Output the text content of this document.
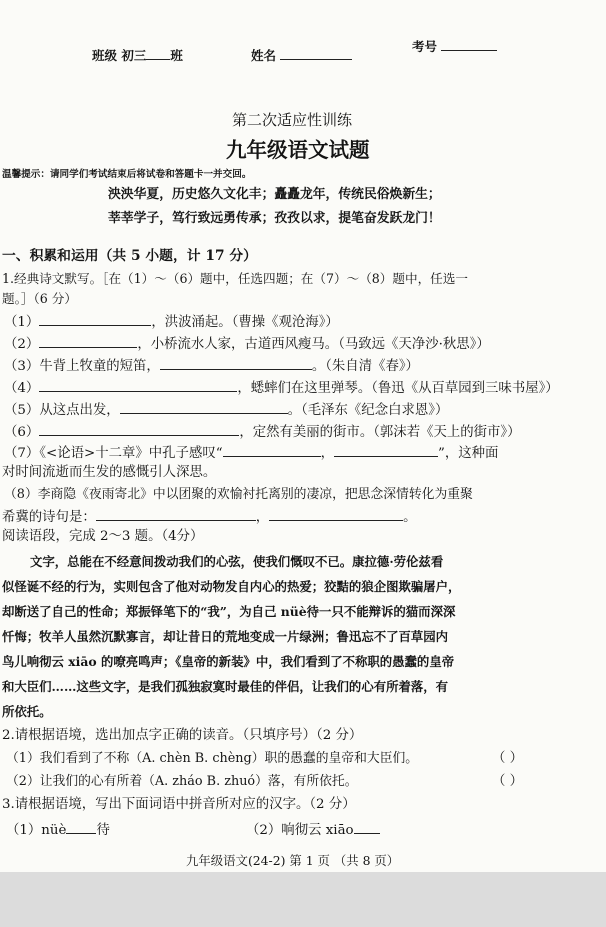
班级 初三 班	姓名
考号
第二次适应性训练
九年级语文试题
温馨提示：请同学们考试结束后将试卷和答题卡一并交回。
泱泱华夏，历史悠久文化丰；矗矗龙年，传统民俗焕新生；
莘莘学子，笃行致远勇传承；孜孜以求，提笔奋发跃龙门！
一、积累和运用（共 5 小题，计 17 分）
1.经典诗文默写。［在（1）～（6）题中，任选四题；在（7）～（8）题中，任选一
题。］（6 分）
（1）	，洪波涌起。（曹操《观沧海》）
（2）	，小桥流水人家，古道西风瘦马。（马致远《天净沙·秋思》）
（3）牛背上牧童的短笛，	。（朱自清《春》）
（4）	，蟋蟀们在这里弹琴。（鲁迅《从百草园到三味书屋》）
（5）从这点出发，	。（毛泽东《纪念白求恩》）
（6）	，定然有美丽的街市。（郭沫若《天上的街市》）
（7）《<论语>十二章》中孔子感叹“	，	”，这种面
对时间流逝而生发的感慨引人深思。
（8）李商隐《夜雨寄北》中以团聚的欢愉衬托离别的凄凉，把思念深情转化为重聚
希冀的诗句是：	，	。
阅读语段，完成 2～3 题。（4分）
文字，总能在不经意间拨动我们的心弦，使我们慨叹不已。康拉德·劳伦兹看
似怪诞不经的行为，实则包含了他对动物发自内心的热爱；狡黠的狼企图欺骗屠户，
却断送了自己的性命；郑振铎笔下的“我”，为自己 nüè待一只不能辩诉的猫而深深
忏悔；牧羊人虽然沉默寡言，却让昔日的荒地变成一片绿洲；鲁迅忘不了百草园内
鸟儿响彻云 xiāo 的嘹亮鸣声；《皇帝的新装》中，我们看到了不称职的愚蠢的皇帝
和大臣们……这些文字，是我们孤独寂寞时最佳的伴侣，让我们的心有所着落，有
所依托。
2.请根据语境，选出加点字正确的读音。（只填序号）（2 分）
（1）我们看到了不称（A. chèn B. chèng）职的愚蠢的皇帝和大臣们。	（ ）
（2）让我们的心有所着（A. zháo B. zhuó）落，有所依托。	（ ）
3.请根据语境，写出下面词语中拼音所对应的汉字。（2 分）
（1）nüè 待	（2）响彻云 xiāo
九年级语文(24-2) 第 1 页 （共 8 页）
